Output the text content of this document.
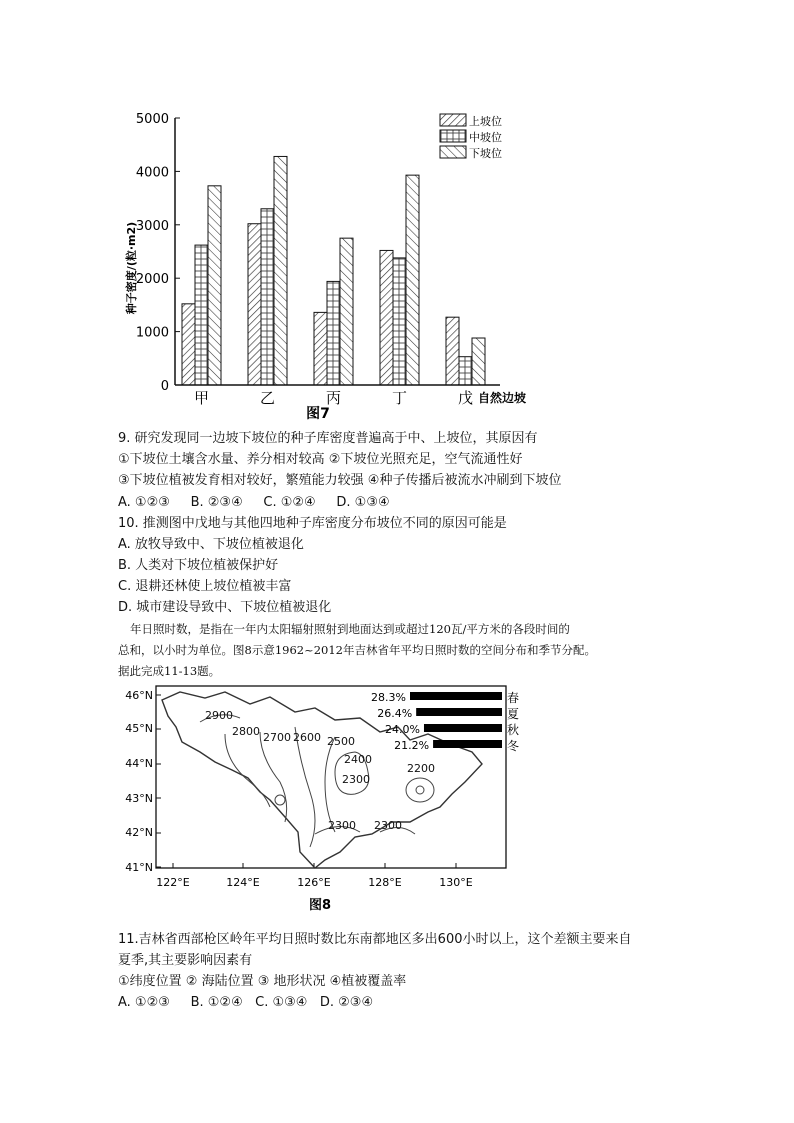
0
1000
2000
3000
4000
5000
甲	乙	丙	丁	戊
种子密度/(粒·m2)
自然边坡
图7
上坡位
中坡位
下坡位
9. 研究发现同一边坡下坡位的种子库密度普遍高于中、上坡位，其原因有
①下坡位土壤含水量、养分相对较高 ②下坡位光照充足，空气流通性好
③下坡位植被发育相对较好，繁殖能力较强 ④种子传播后被流水冲刷到下坡位
A. ①②③ B. ②③④ C. ①②④ D. ①③④
10. 推测图中戊地与其他四地种子库密度分布坡位不同的原因可能是
A. 放牧导致中、下坡位植被退化
B. 人类对下坡位植被保护好
C. 退耕还林使上坡位植被丰富
D. 城市建设导致中、下坡位植被退化
年日照时数，是指在一年内太阳辐射照射到地面达到或超过120瓦/平方米的各段时间的
总和，以小时为单位。图8示意1962~2012年吉林省年平均日照时数的空间分布和季节分配。
据此完成11-13题。
46°N
45°N
44°N
43°N
42°N
41°N
122°E	124°E	126°E	128°E	130°E
2900
2800 2700 2600 2500
2400
2300
2200
2300 2300
28.3%	春
26.4%	夏
24.0%	秋
21.2%	冬
图8
11.吉林省西部枪区岭年平均日照时数比东南都地区多出600小时以上，这个差额主要来自
夏季,其主要影响因素有
①纬度位置 ② 海陆位置 ③ 地形状况 ④植被覆盖率
A. ①②③ B. ①②④ C. ①③④ D. ②③④
